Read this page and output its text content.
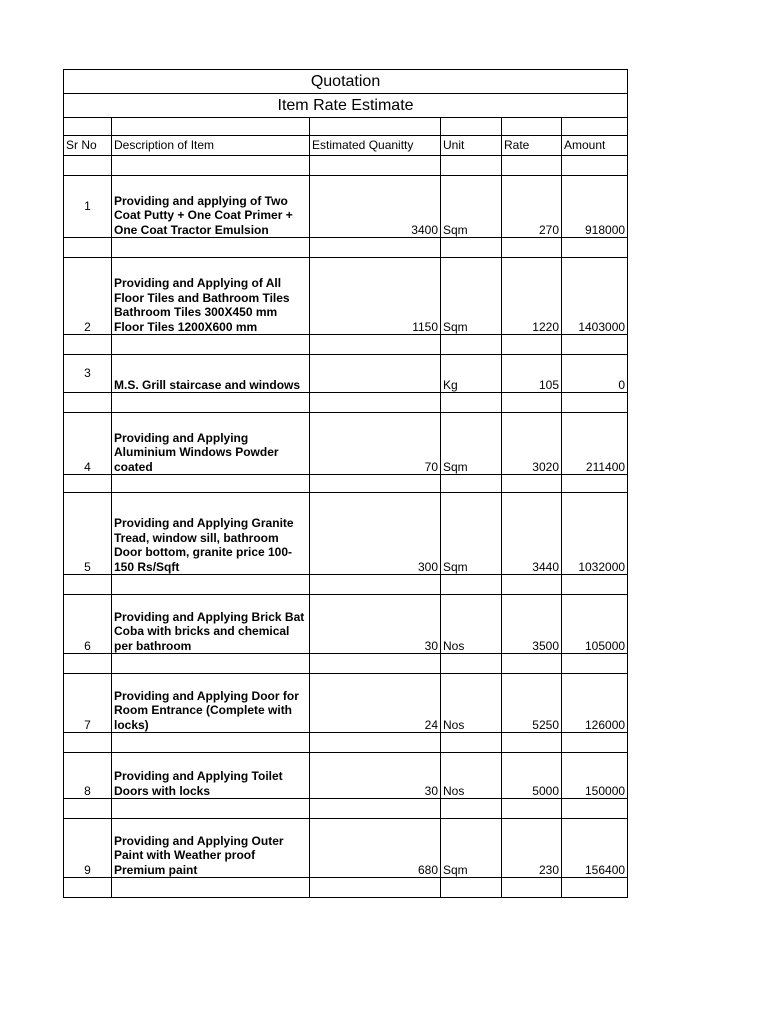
Quotation					
Item Rate Estimate					

Sr No	Description of Item	Estimated Quanitty	Unit	Rate	Amount

1	Providing and applying of Two Coat Putty + One Coat Primer + One Coat Tractor Emulsion	3400	Sqm	270	918000

2	Providing and Applying of All Floor Tiles and Bathroom Tiles Bathroom Tiles 300X450 mm Floor Tiles 1200X600 mm	1150	Sqm	1220	1403000

3	M.S. Grill staircase and windows		Kg	105	0

4	Providing and Applying Aluminium Windows Powder coated	70	Sqm	3020	211400

5	Providing and Applying Granite Tread, window sill, bathroom Door bottom, granite price 100-150 Rs/Sqft	300	Sqm	3440	1032000

6	Providing and Applying Brick Bat Coba with bricks and chemical per bathroom	30	Nos	3500	105000

7	Providing and Applying Door for Room Entrance (Complete with locks)	24	Nos	5250	126000

8	Providing and Applying Toilet Doors with locks	30	Nos	5000	150000

9	Providing and Applying Outer Paint with Weather proof Premium paint	680	Sqm	230	156400
